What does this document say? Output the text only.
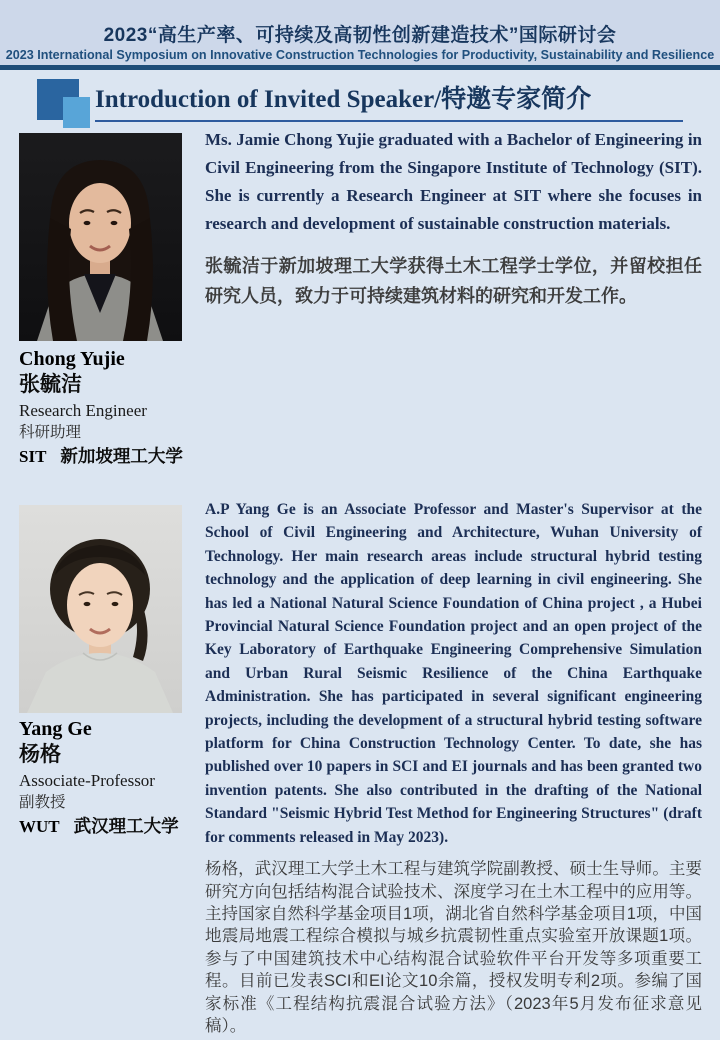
2023“高生产率、可持续及高韧性创新建造技术”国际研讨会
2023 International Symposium on Innovative Construction Technologies for Productivity, Sustainability and Resilience
Introduction of Invited Speaker/特邀专家简介
Chong Yujie
张毓洁
Research Engineer
科研助理
SIT 新加坡理工大学

Ms. Jamie Chong Yujie graduated with a Bachelor of Engineering in Civil Engineering from the Singapore Institute of Technology (SIT). She is currently a Research Engineer at SIT where she focuses in research and development of sustainable construction materials.

张毓洁于新加坡理工大学获得土木工程学士学位，并留校担任研究人员，致力于可持续建筑材料的研究和开发工作。

Yang Ge
杨格
Associate-Professor
副教授
WUT 武汉理工大学

A.P Yang Ge is an Associate Professor and Master's Supervisor at the School of Civil Engineering and Architecture, Wuhan University of Technology. Her main research areas include structural hybrid testing technology and the application of deep learning in civil engineering. She has led a National Natural Science Foundation of China project , a Hubei Provincial Natural Science Foundation project and an open project of the Key Laboratory of Earthquake Engineering Comprehensive Simulation and Urban Rural Seismic Resilience of the China Earthquake Administration. She has participated in several significant engineering projects, including the development of a structural hybrid testing software platform for China Construction Technology Center. To date, she has published over 10 papers in SCI and EI journals and has been granted two invention patents. She also contributed in the drafting of the National Standard "Seismic Hybrid Test Method for Engineering Structures" (draft for comments released in May 2023).

杨格，武汉理工大学土木工程与建筑学院副教授、硕士生导师。主要研究方向包括结构混合试验技术、深度学习在土木工程中的应用等。主持国家自然科学基金项目1项，湖北省自然科学基金项目1项，中国地震局地震工程综合模拟与城乡抗震韧性重点实验室开放课题1项。参与了中国建筑技术中心结构混合试验软件平台开发等多项重要工程。目前已发表SCI和EI论文10余篇，授权发明专利2项。参编了国家标准《工程结构抗震混合试验方法》（2023年5月发布征求意见稿）。
